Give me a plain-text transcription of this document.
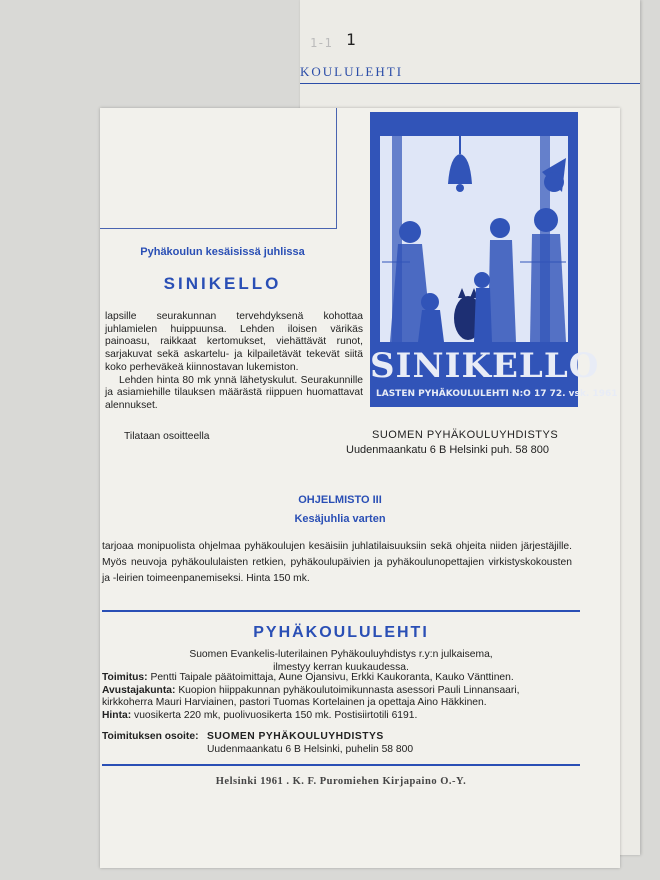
1-1 1
KOULULEHTI
SINIKELLO
LASTEN PYHÄKOULULEHTI N:O 17 72. vsk. 1961
Pyhäkoulun kesäisissä juhlissa
SINIKELLO

lapsille seurakunnan tervehdyksenä kohottaa juhlamielen huippuunsa. Lehden iloisen värikäs painoasu, raikkaat kertomukset, viehättävät runot, sarjakuvat sekä askartelu- ja kilpailetävät tekevät siitä koko perheväkeä kiinnostavan lukemiston.

Lehden hinta 80 mk ynnä lähetyskulut. Seurakunnille ja asiamiehille tilauksen määrästä riippuen huomattavat alennukset.

Tilataan osoitteella	SUOMEN PYHÄKOULUYHDISTYS
Uudenmaankatu 6 B Helsinki puh. 58 800
OHJELMISTO III
Kesäjuhlia varten
tarjoaa monipuolista ohjelmaa pyhäkoulujen kesäisiin juhlatilaisuuksiin sekä ohjeita niiden järjestäjille. Myös neuvoja pyhäkoululaisten retkien, pyhäkoulupäivien ja pyhäkoulunopettajien virkistyskokousten ja -leirien toimeenpanemiseksi. Hinta 150 mk.
PYHÄKOULULEHTI
Suomen Evankelis-luterilainen Pyhäkouluyhdistys r.y:n julkaisema,
ilmestyy kerran kuukaudessa.
Toimitus: Pentti Taipale päätoimittaja, Aune Ojansivu, Erkki Kaukoranta, Kauko Vänttinen.
Avustajakunta: Kuopion hiippakunnan pyhäkoulutoimikunnasta asessori Pauli Linnansaari,
kirkkoherra Mauri Harviainen, pastori Tuomas Kortelainen ja opettaja Aino Häkkinen.
Hinta: vuosikerta 220 mk, puolivuosikerta 150 mk. Postisiirtotili 6191.
Toimituksen osoite: SUOMEN PYHÄKOULUYHDISTYS
Uudenmaankatu 6 B Helsinki, puhelin 58 800
Helsinki 1961 . K. F. Puromiehen Kirjapaino O.-Y.
